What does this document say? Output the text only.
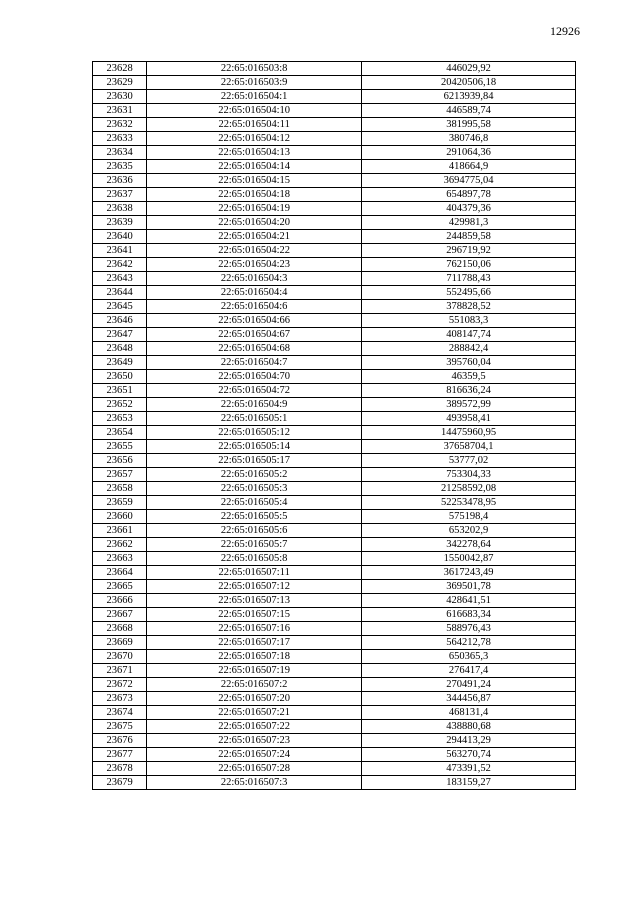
12926
23628	22:65:016503:8	446029,92
23629	22:65:016503:9	20420506,18
23630	22:65:016504:1	6213939,84
23631	22:65:016504:10	446589,74
23632	22:65:016504:11	381995,58
23633	22:65:016504:12	380746,8
23634	22:65:016504:13	291064,36
23635	22:65:016504:14	418664,9
23636	22:65:016504:15	3694775,04
23637	22:65:016504:18	654897,78
23638	22:65:016504:19	404379,36
23639	22:65:016504:20	429981,3
23640	22:65:016504:21	244859,58
23641	22:65:016504:22	296719,92
23642	22:65:016504:23	762150,06
23643	22:65:016504:3	711788,43
23644	22:65:016504:4	552495,66
23645	22:65:016504:6	378828,52
23646	22:65:016504:66	551083,3
23647	22:65:016504:67	408147,74
23648	22:65:016504:68	288842,4
23649	22:65:016504:7	395760,04
23650	22:65:016504:70	46359,5
23651	22:65:016504:72	816636,24
23652	22:65:016504:9	389572,99
23653	22:65:016505:1	493958,41
23654	22:65:016505:12	14475960,95
23655	22:65:016505:14	37658704,1
23656	22:65:016505:17	53777,02
23657	22:65:016505:2	753304,33
23658	22:65:016505:3	21258592,08
23659	22:65:016505:4	52253478,95
23660	22:65:016505:5	575198,4
23661	22:65:016505:6	653202,9
23662	22:65:016505:7	342278,64
23663	22:65:016505:8	1550042,87
23664	22:65:016507:11	3617243,49
23665	22:65:016507:12	369501,78
23666	22:65:016507:13	428641,51
23667	22:65:016507:15	616683,34
23668	22:65:016507:16	588976,43
23669	22:65:016507:17	564212,78
23670	22:65:016507:18	650365,3
23671	22:65:016507:19	276417,4
23672	22:65:016507:2	270491,24
23673	22:65:016507:20	344456,87
23674	22:65:016507:21	468131,4
23675	22:65:016507:22	438880,68
23676	22:65:016507:23	294413,29
23677	22:65:016507:24	563270,74
23678	22:65:016507:28	473391,52
23679	22:65:016507:3	183159,27
